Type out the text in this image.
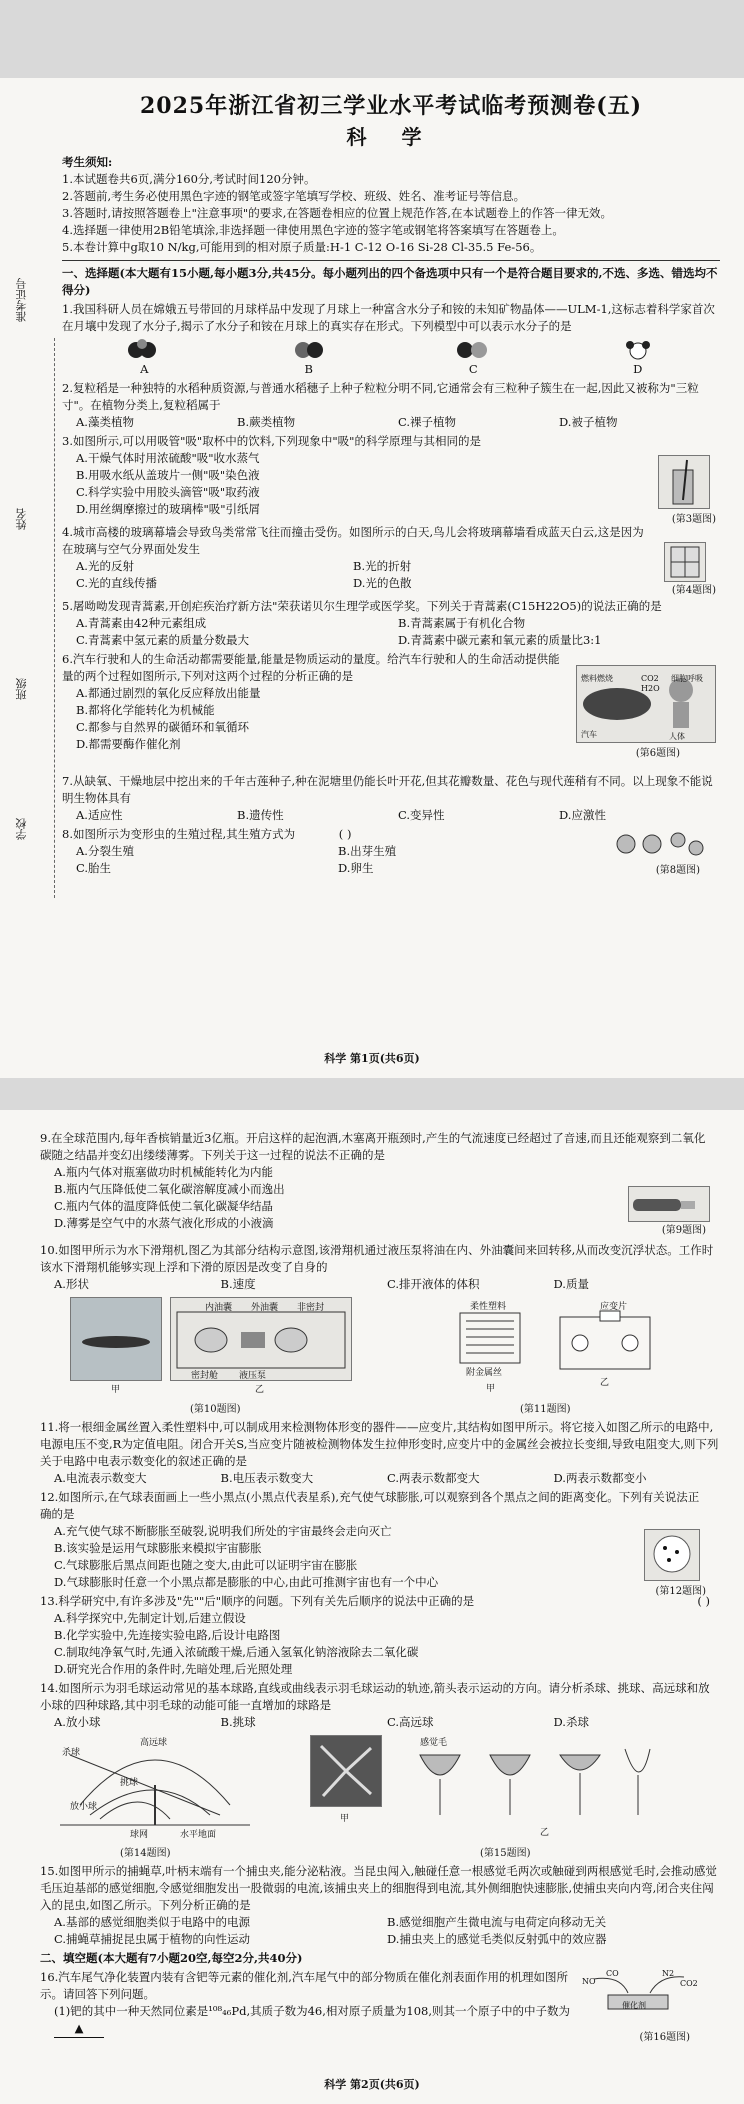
准考证号
姓名
班级
学校
2025年浙江省初三学业水平考试临考预测卷(五)
科 学
考生须知:
1.本试题卷共6页,满分160分,考试时间120分钟。
2.答题前,考生务必使用黑色字迹的钢笔或签字笔填写学校、班级、姓名、准考证号等信息。
3.答题时,请按照答题卷上"注意事项"的要求,在答题卷相应的位置上规范作答,在本试题卷上的作答一律无效。
4.选择题一律使用2B铅笔填涂,非选择题一律使用黑色字迹的签字笔或钢笔将答案填写在答题卷上。
5.本卷计算中g取10 N/kg,可能用到的相对原子质量:H-1 C-12 O-16 Si-28 Cl-35.5 Fe-56。
一、选择题(本大题有15小题,每小题3分,共45分。每小题列出的四个备选项中只有一个是符合题目要求的,不选、多选、错选均不得分)
1.我国科研人员在嫦娥五号带回的月球样品中发现了月球上一种富含水分子和铵的未知矿物晶体——ULM-1,这标志着科学家首次在月壤中发现了水分子,揭示了水分子和铵在月球上的真实存在形式。下列模型中可以表示水分子的是
A	B	C	D
2.复粒稻是一种独特的水稻种质资源,与普通水稻穗子上种子粒粒分明不同,它通常会有三粒种子簇生在一起,因此又被称为"三粒寸"。在植物分类上,复粒稻属于
A.藻类植物	B.蕨类植物	C.裸子植物	D.被子植物
3.如图所示,可以用吸管"吸"取杯中的饮料,下列现象中"吸"的科学原理与其相同的是
A.干燥气体时用浓硫酸"吸"收水蒸气
B.用吸水纸从盖玻片一侧"吸"染色液
C.科学实验中用胶头滴管"吸"取药液
D.用丝绸摩擦过的玻璃棒"吸"引纸屑
(第3题图)
4.城市高楼的玻璃幕墙会导致鸟类常常飞往而撞击受伤。如图所示的白天,鸟儿会将玻璃幕墙看成蓝天白云,这是因为在玻璃与空气分界面处发生
A.光的反射	B.光的折射
C.光的直线传播	D.光的色散
(第4题图)
5.屠呦呦发现青蒿素,开创疟疾治疗新方法"荣获诺贝尔生理学或医学奖。下列关于青蒿素(C15H22O5)的说法正确的是
A.青蒿素由42种元素组成	B.青蒿素属于有机化合物
C.青蒿素中氢元素的质量分数最大	D.青蒿素中碳元素和氧元素的质量比3:1
6.汽车行驶和人的生命活动都需要能量,能量是物质运动的量度。给汽车行驶和人的生命活动提供能量的两个过程如图所示,下列对这两个过程的分析正确的是
A.都通过剧烈的氧化反应释放出能量
B.都将化学能转化为机械能
C.都参与自然界的碳循环和氧循环
D.都需要酶作催化剂
汽车	人体
CO2
H2O
燃料燃烧	细胞呼吸
(第6题图)
7.从缺氧、干燥地层中挖出来的千年古莲种子,种在泥塘里仍能长叶开花,但其花瓣数量、花色与现代莲稍有不同。以上现象不能说明生物体具有
A.适应性	B.遗传性	C.变异性	D.应激性
8.如图所示为变形虫的生殖过程,其生殖方式为	( )
A.分裂生殖	B.出芽生殖
C.胎生	D.卵生	(第8题图)
科学 第1页(共6页)
9.在全球范围内,每年香槟销量近3亿瓶。开启这样的起泡酒,木塞离开瓶颈时,产生的气流速度已经超过了音速,而且还能观察到二氧化碳随之结晶并变幻出缕缕薄雾。下列关于这一过程的说法不正确的是
A.瓶内气体对瓶塞做功时机械能转化为内能
B.瓶内气压降低使二氧化碳溶解度减小而逸出
C.瓶内气体的温度降低使二氧化碳凝华结晶
D.薄雾是空气中的水蒸气液化形成的小液滴
(第9题图)
10.如图甲所示为水下滑翔机,图乙为其部分结构示意图,该滑翔机通过液压泵将油在内、外油囊间来回转移,从而改变沉浮状态。工作时该水下滑翔机能够实现上浮和下滑的原因是改变了自身的
A.形状	B.速度	C.排开液体的体积	D.质量
甲
内油囊 外油囊 非密封
密封舱 液压泵
乙
(第10题图)
柔性塑料	应变片
附金属丝
甲
乙
(第11题图)
11.将一根细金属丝置入柔性塑料中,可以制成用来检测物体形变的器件——应变片,其结构如图甲所示。将它接入如图乙所示的电路中,电源电压不变,R为定值电阻。闭合开关S,当应变片随被检测物体发生拉伸形变时,应变片中的金属丝会被拉长变细,导致电阻变大,则下列关于电路中电表示数变化的叙述正确的是
A.电流表示数变大	B.电压表示数变大	C.两表示数都变大	D.两表示数都变小
12.如图所示,在气球表面画上一些小黑点(小黑点代表星系),充气使气球膨胀,可以观察到各个黑点之间的距离变化。下列有关说法正确的是
A.充气使气球不断膨胀至破裂,说明我们所处的宇宙最终会走向灭亡
B.该实验是运用气球膨胀来模拟宇宙膨胀
C.气球膨胀后黑点间距也随之变大,由此可以证明宇宙在膨胀
D.气球膨胀时任意一个小黑点都是膨胀的中心,由此可推测宇宙也有一个中心
(第12题图)
13.科学研究中,有许多涉及"先""后"顺序的问题。下列有关先后顺序的说法中正确的是	( )
A.科学探究中,先制定计划,后建立假设
B.化学实验中,先连接实验电路,后设计电路图
C.制取纯净氧气时,先通入浓硫酸干燥,后通入氢氧化钠溶液除去二氧化碳
D.研究光合作用的条件时,先暗处理,后光照处理
14.如图所示为羽毛球运动常见的基本球路,直线或曲线表示羽毛球运动的轨迹,箭头表示运动的方向。请分析杀球、挑球、高远球和放小球的四种球路,其中羽毛球的动能可能一直增加的球路是
A.放小球	B.挑球	C.高远球	D.杀球
杀球
高远球
挑球
放小球
球网	水平地面
(第14题图)
感觉毛
甲
乙
(第15题图)
15.如图甲所示的捕蝇草,叶柄末端有一个捕虫夹,能分泌粘液。当昆虫闯入,触碰任意一根感觉毛两次或触碰到两根感觉毛时,会推动感觉毛压迫基部的感觉细胞,令感觉细胞发出一股微弱的电流,该捕虫夹上的细胞得到电流,其外侧细胞快速膨胀,使捕虫夹向内弯,闭合夹住闯入的昆虫,如图乙所示。下列分析正确的是
A.基部的感觉细胞类似于电路中的电源	B.感觉细胞产生微电流与电荷定向移动无关
C.捕蝇草捕捉昆虫属于植物的向性运动	D.捕虫夹上的感觉毛类似反射弧中的效应器
二、填空题(本大题有7小题20空,每空2分,共40分)
16.汽车尾气净化装置内装有含钯等元素的催化剂,汽车尾气中的部分物质在催化剂表面作用的机理如图所示。请回答下列问题。
(1)钯的其中一种天然同位素是¹⁰⁸₄₆Pd,其质子数为46,相对原子质量为108,则其一个原子中的中子数为 ▲
NO
CO	N2
CO2
催化剂
(第16题图)
科学 第2页(共6页)
